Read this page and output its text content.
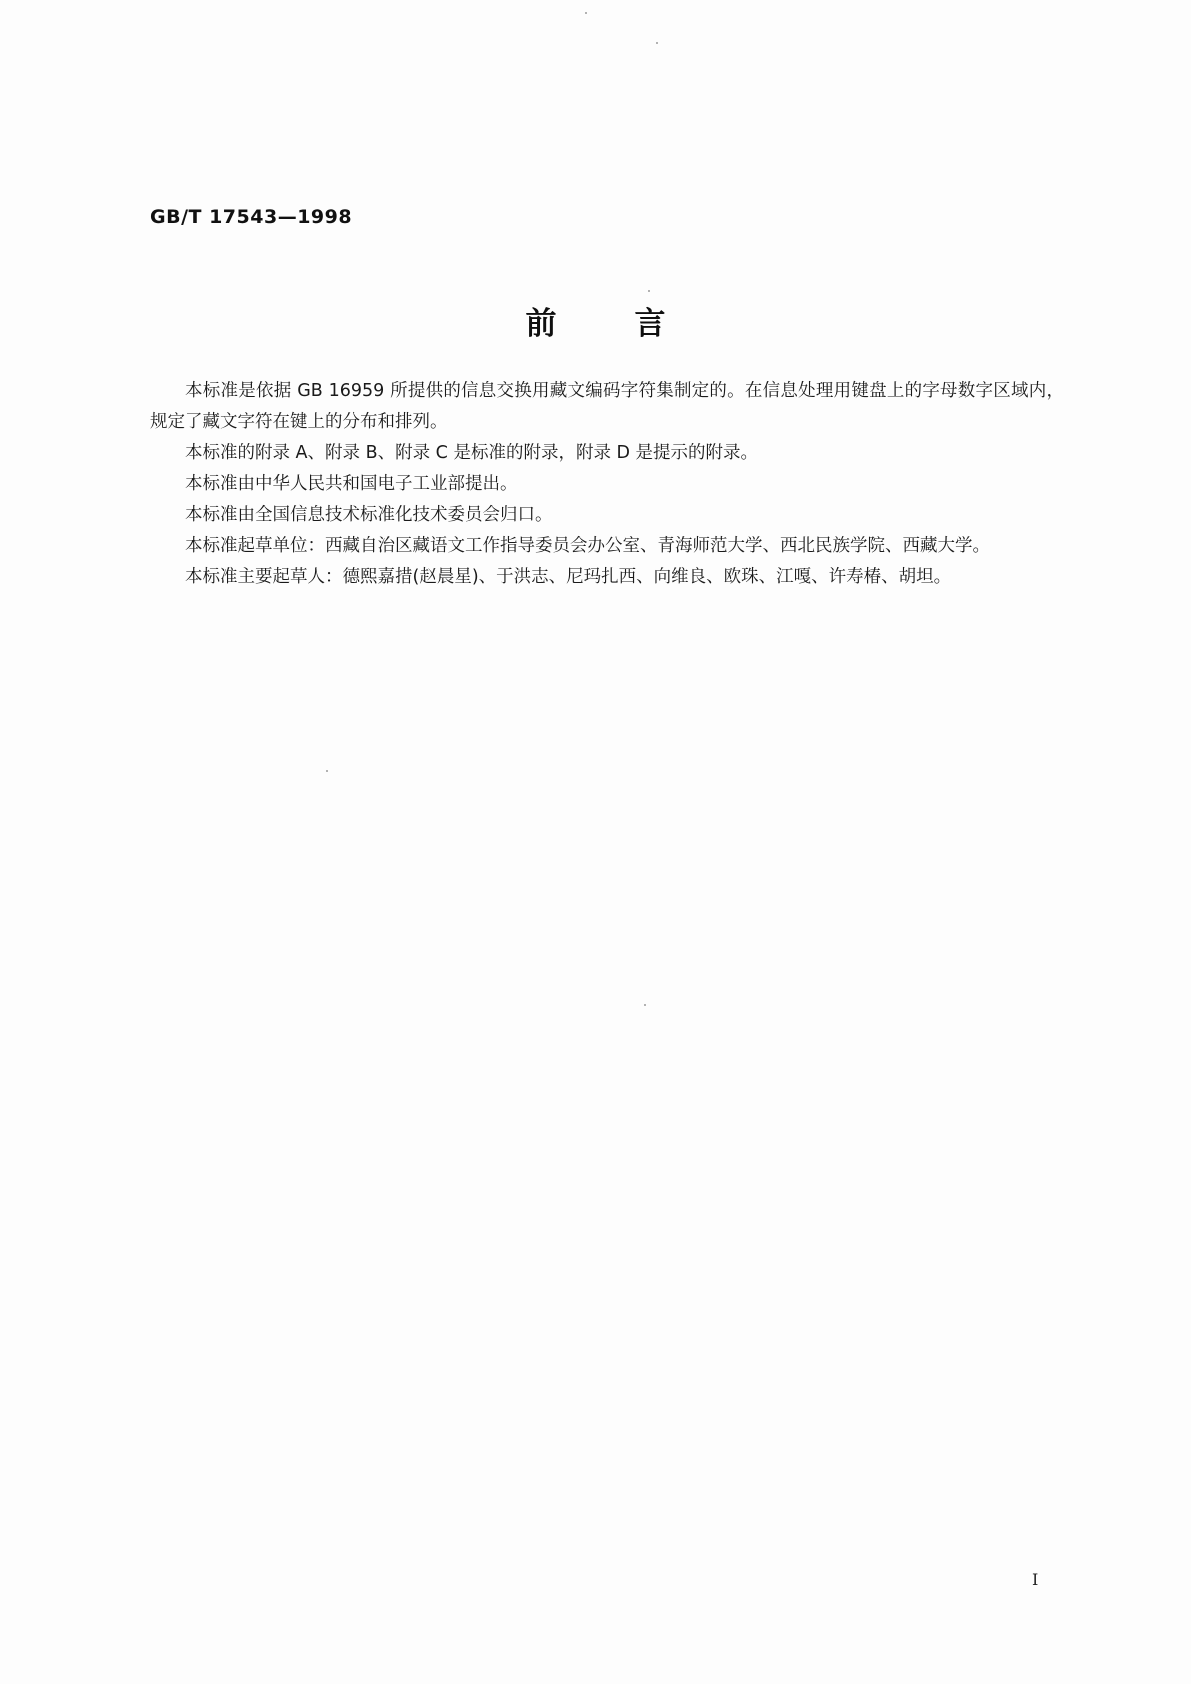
GB/T 17543—1998
前言

本标准是依据 GB 16959 所提供的信息交换用藏文编码字符集制定的。在信息处理用键盘上的字母数字区域内，规定了藏文字符在键上的分布和排列。

本标准的附录 A、附录 B、附录 C 是标准的附录，附录 D 是提示的附录。

本标准由中华人民共和国电子工业部提出。

本标准由全国信息技术标准化技术委员会归口。

本标准起草单位：西藏自治区藏语文工作指导委员会办公室、青海师范大学、西北民族学院、西藏大学。

本标准主要起草人：德熙嘉措(赵晨星)、于洪志、尼玛扎西、向维良、欧珠、江嘎、许寿椿、胡坦。

I
